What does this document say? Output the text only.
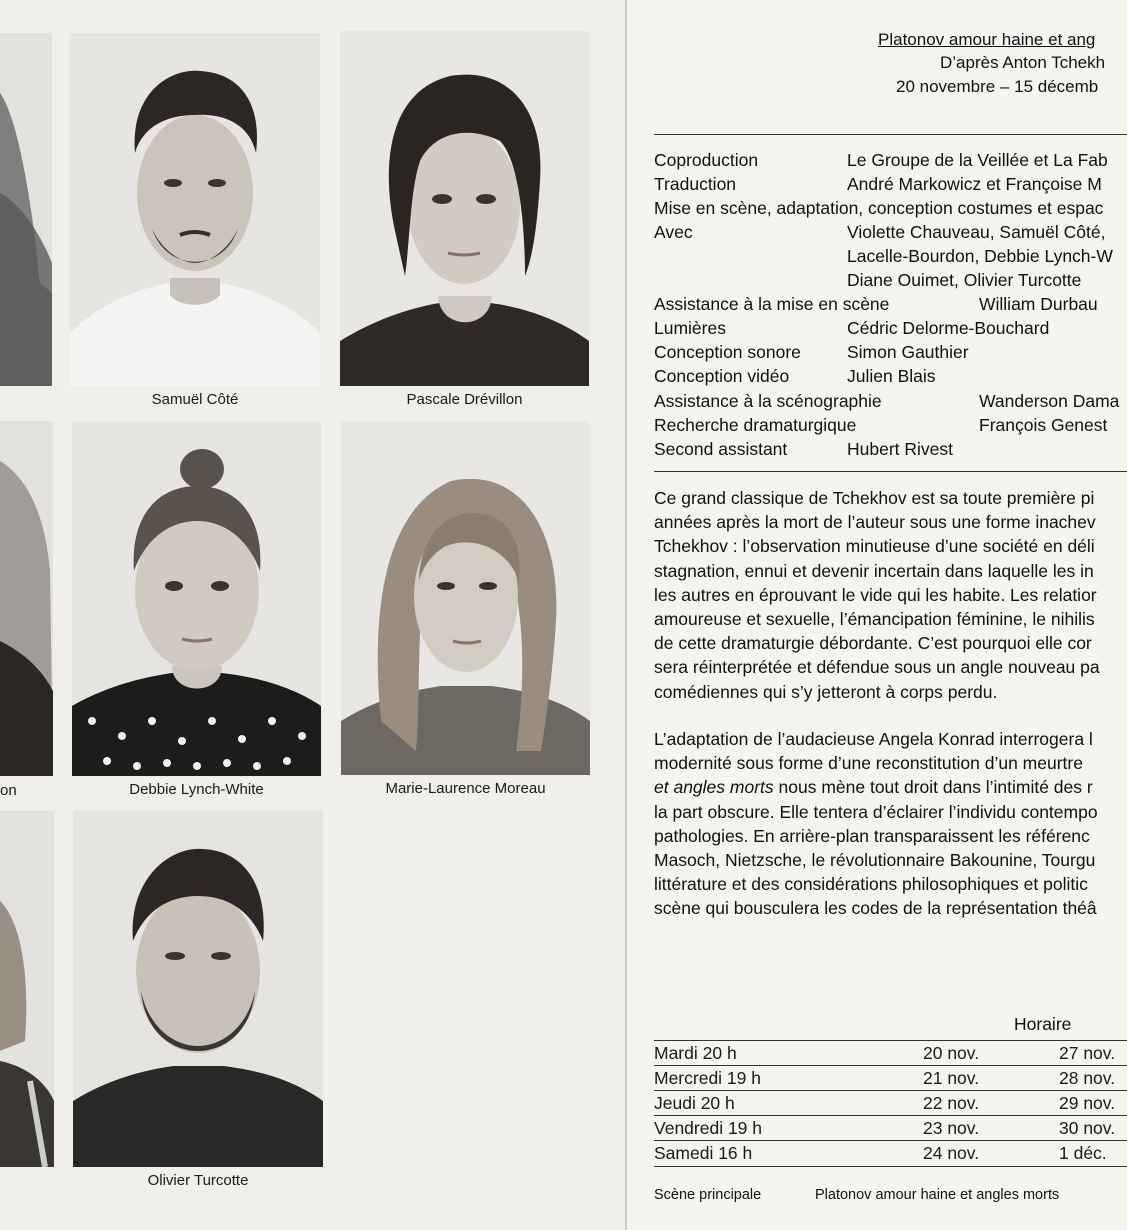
Samuël Côté	Pascale Drévillon
on	Debbie Lynch-White	Marie-Laurence Moreau
Olivier Turcotte
Platonov amour haine et ang
D’après Anton Tchekh
20 novembre – 15 décemb
Coproduction	Le Groupe de la Veillée et La Fab
Traduction	André Markowicz et Françoise M
Mise en scène, adaptation, conception costumes et espac
Avec	Violette Chauveau, Samuël Côté,
Lacelle-Bourdon, Debbie Lynch-W
Diane Ouimet, Olivier Turcotte
Assistance à la mise en scène	William Durbau
Lumières	Cédric Delorme-Bouchard
Conception sonore	Simon Gauthier
Conception vidéo	Julien Blais
Assistance à la scénographie	Wanderson Dama
Recherche dramaturgique	François Genest
Second assistant	Hubert Rivest

Ce grand classique de Tchekhov est sa toute première pi

années après la mort de l’auteur sous une forme inachev

Tchekhov : l’observation minutieuse d’une société en déli

stagnation, ennui et devenir incertain dans laquelle les in

les autres en éprouvant le vide qui les habite. Les relatior

amoureuse et sexuelle, l’émancipation féminine, le nihilis

de cette dramaturgie débordante. C’est pourquoi elle cor

sera réinterprétée et défendue sous un angle nouveau pa

comédiennes qui s’y jetteront à corps perdu.

L’adaptation de l’audacieuse Angela Konrad interrogera l

modernité sous forme d’une reconstitution d’un meurtre

et angles morts nous mène tout droit dans l’intimité des r

la part obscure. Elle tentera d’éclairer l’individu contempo

pathologies. En arrière-plan transparaissent les référenc

Masoch, Nietzsche, le révolutionnaire Bakounine, Tourgu

littérature et des considérations philosophiques et politic

scène qui bousculera les codes de la représentation théâ

Horaire
Mardi 20 h	20 nov.	27 nov.
Mercredi 19 h	21 nov.	28 nov.
Jeudi 20 h	22 nov.	29 nov.
Vendredi 19 h	23 nov.	30 nov.
Samedi 16 h	24 nov.	1 déc.
Scène principale	Platonov amour haine et angles morts
